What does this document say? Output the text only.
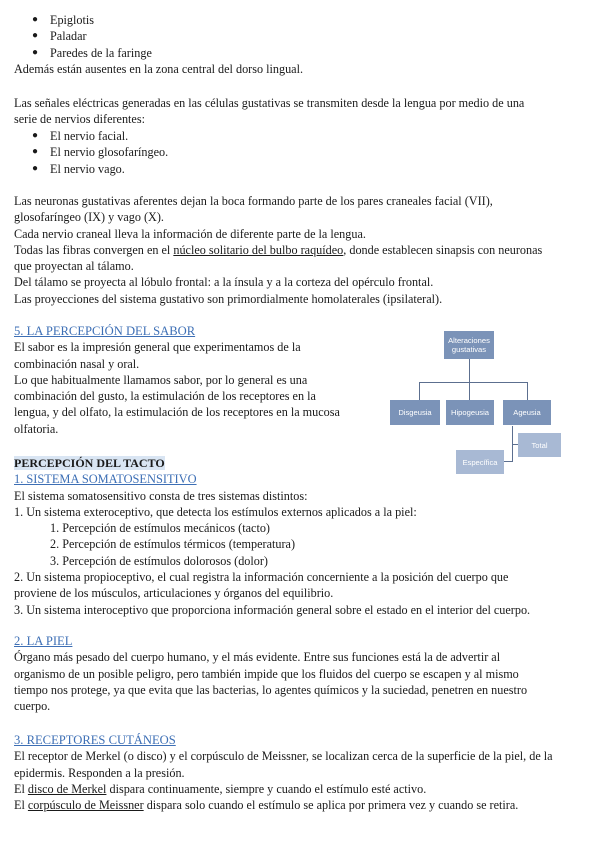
● Epiglotis
● Paladar
● Paredes de la faringe

Además están ausentes en la zona central del dorso lingual.

Las señales eléctricas generadas en las células gustativas se transmiten desde la lengua por medio de una

serie de nervios diferentes:

● El nervio facial.
● El nervio glosofaríngeo.
● El nervio vago.

Las neuronas gustativas aferentes dejan la boca formando parte de los pares craneales facial (VII),

glosofaríngeo (IX) y vago (X).

Cada nervio craneal lleva la información de diferente parte de la lengua.

Todas las fibras convergen en el núcleo solitario del bulbo raquídeo, donde establecen sinapsis con neuronas

que proyectan al tálamo.

Del tálamo se proyecta al lóbulo frontal: a la ínsula y a la corteza del opérculo frontal.

Las proyecciones del sistema gustativo son primordialmente homolaterales (ipsilateral).

5. LA PERCEPCIÓN DEL SABOR

El sabor es la impresión general que experimentamos de la

combinación nasal y oral.

Lo que habitualmente llamamos sabor, por lo general es una

combinación del gusto, la estimulación de los receptores en la

lengua, y del olfato, la estimulación de los receptores en la mucosa

olfatoria.

Alteraciones
gustativas
Disgeusia	Hipogeusia	Ageusia
Total
Específica

PERCEPCIÓN DEL TACTO

1. SISTEMA SOMATOSENSITIVO

El sistema somatosensitivo consta de tres sistemas distintos:

1. Un sistema exteroceptivo, que detecta los estímulos externos aplicados a la piel:

1. Percepción de estímulos mecánicos (tacto)

2. Percepción de estímulos térmicos (temperatura)

3. Percepción de estímulos dolorosos (dolor)

2. Un sistema propioceptivo, el cual registra la información concerniente a la posición del cuerpo que

proviene de los músculos, articulaciones y órganos del equilibrio.

3. Un sistema interoceptivo que proporciona información general sobre el estado en el interior del cuerpo.

2. LA PIEL

Órgano más pesado del cuerpo humano, y el más evidente. Entre sus funciones está la de advertir al

organismo de un posible peligro, pero también impide que los fluidos del cuerpo se escapen y al mismo

tiempo nos protege, ya que evita que las bacterias, lo agentes químicos y la suciedad, penetren en nuestro

cuerpo.

3. RECEPTORES CUTÁNEOS

El receptor de Merkel (o disco) y el corpúsculo de Meissner, se localizan cerca de la superficie de la piel, de la

epidermis. Responden a la presión.

El disco de Merkel dispara continuamente, siempre y cuando el estímulo esté activo.

El corpúsculo de Meissner dispara solo cuando el estímulo se aplica por primera vez y cuando se retira.
